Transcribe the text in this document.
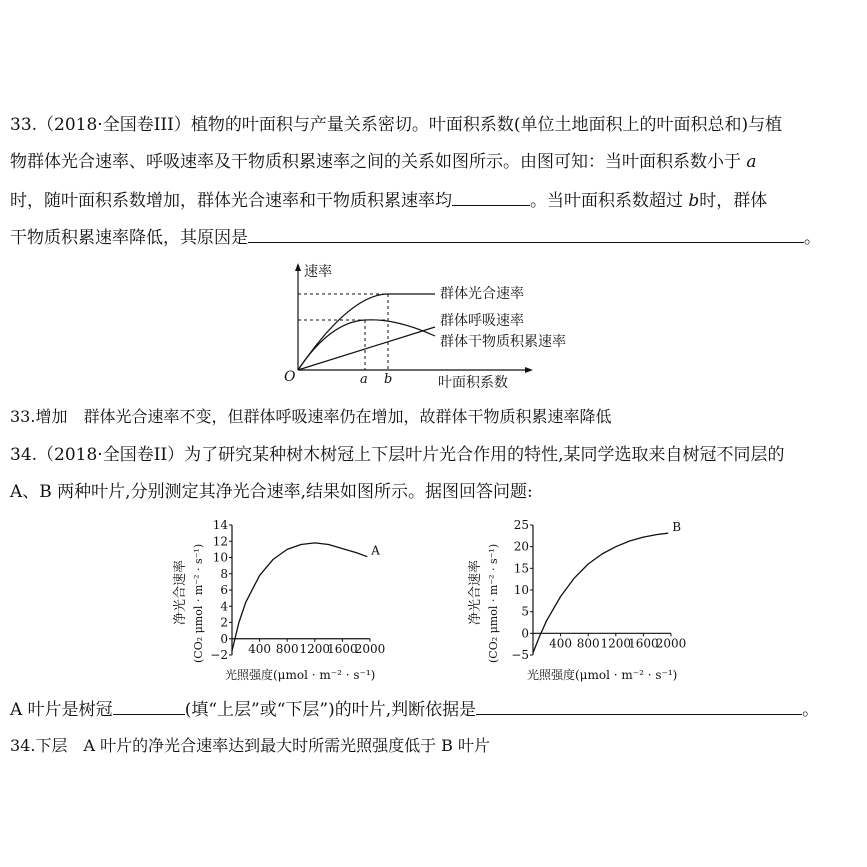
33.（2018·全国卷III）植物的叶面积与产量关系密切。叶面积系数(单位土地面积上的叶面积总和)与植
物群体光合速率、呼吸速率及干物质积累速率之间的关系如图所示。由图可知：当叶面积系数小于 a
时，随叶面积系数增加，群体光合速率和干物质积累速率均	。当叶面积系数超过 b时，群体
干物质积累速率降低，其原因是	。
速率
叶面积系数
O	a b
群体光合速率
群体呼吸速率
群体干物质积累速率
33.增加　群体光合速率不变，但群体呼吸速率仍在增加，故群体干物质积累速率降低
34.（2018·全国卷II）为了研究某种树木树冠上下层叶片光合作用的特性,某同学选取来自树冠不同层的
A、B 两种叶片,分别测定其净光合速率,结果如图所示。据图回答问题:
净光合速率 (CO₂ μmol · m⁻² · s⁻¹)
光照强度(μmol · m⁻² · s⁻¹)
−2
0
2
4
6
8
10
12
14
400 800 1200
1600
2000
A
净光合速率 (CO₂ μmol · m⁻² · s⁻¹)
光照强度(μmol · m⁻² · s⁻¹)
−5
0
5
10
15
20
25
400 800 1200
1600
2000
B
A 叶片是树冠	(填“上层”或“下层”)的叶片,判断依据是	。
34.下层　A 叶片的净光合速率达到最大时所需光照强度低于 B 叶片
